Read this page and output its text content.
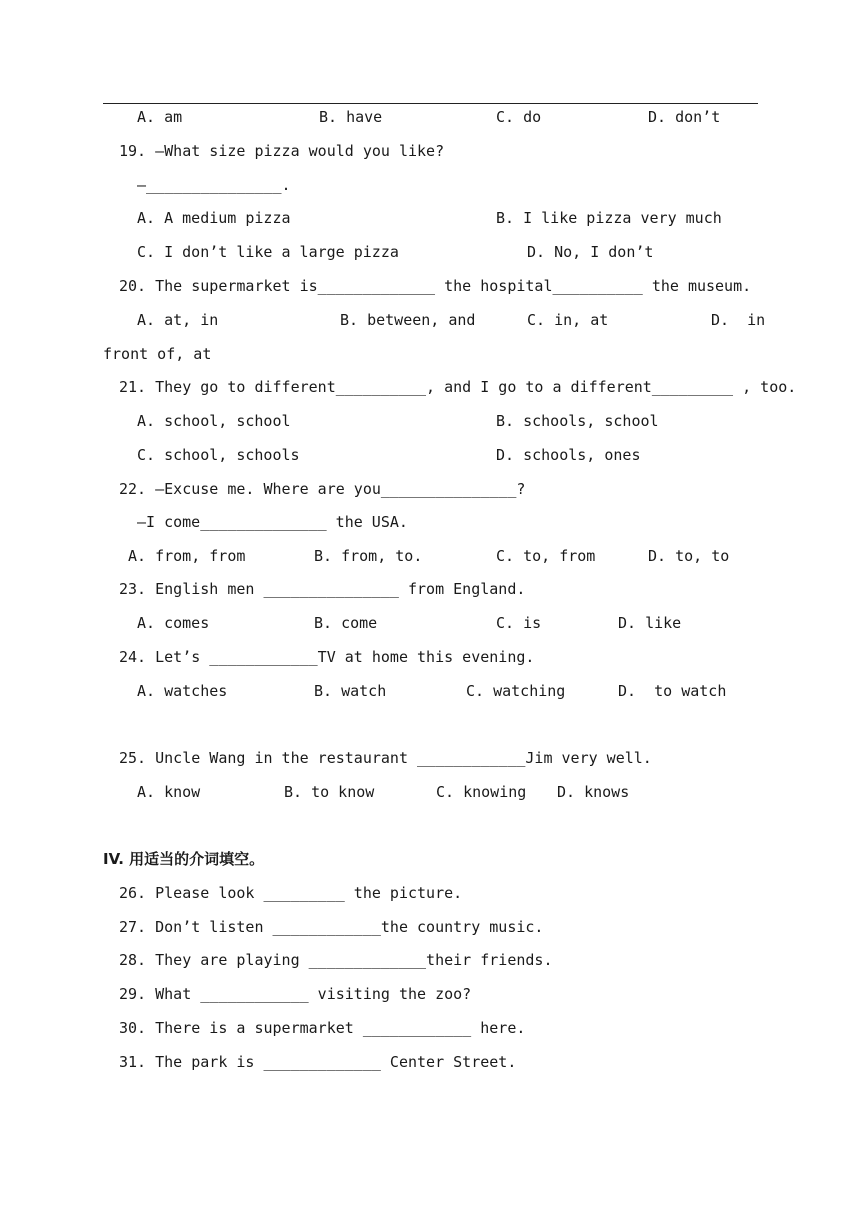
A. am	B. have	C. do	D. don’t
19. —What size pizza would you like?
—_______________.
A. A medium pizza	B. I like pizza very much
C. I don’t like a large pizza	D. No, I don’t
20. The supermarket is_____________ the hospital__________ the museum.
A. at, in	B. between, and	C. in, at	D.  in
front of, at
21. They go to different__________, and I go to a different_________ , too.
A. school, school	B. schools, school
C. school, schools	D. schools, ones
22. —Excuse me. Where are you_______________?
—I come______________ the USA.
A. from, from	B. from, to.	C. to, from	D. to, to
23. English men _______________ from England.
A. comes	B. come	C. is	D. like
24. Let’s ____________TV at home this evening.
A. watches	B. watch	C. watching	D.  to watch
25. Uncle Wang in the restaurant ____________Jim very well.
A. know	B. to know	C. knowing D. knows
IV. 用适当的介词填空。
26. Please look _________ the picture.
27. Don’t listen ____________the country music.
28. They are playing _____________their friends.
29. What ____________ visiting the zoo?
30. There is a supermarket ____________ here.
31. The park is _____________ Center Street.
